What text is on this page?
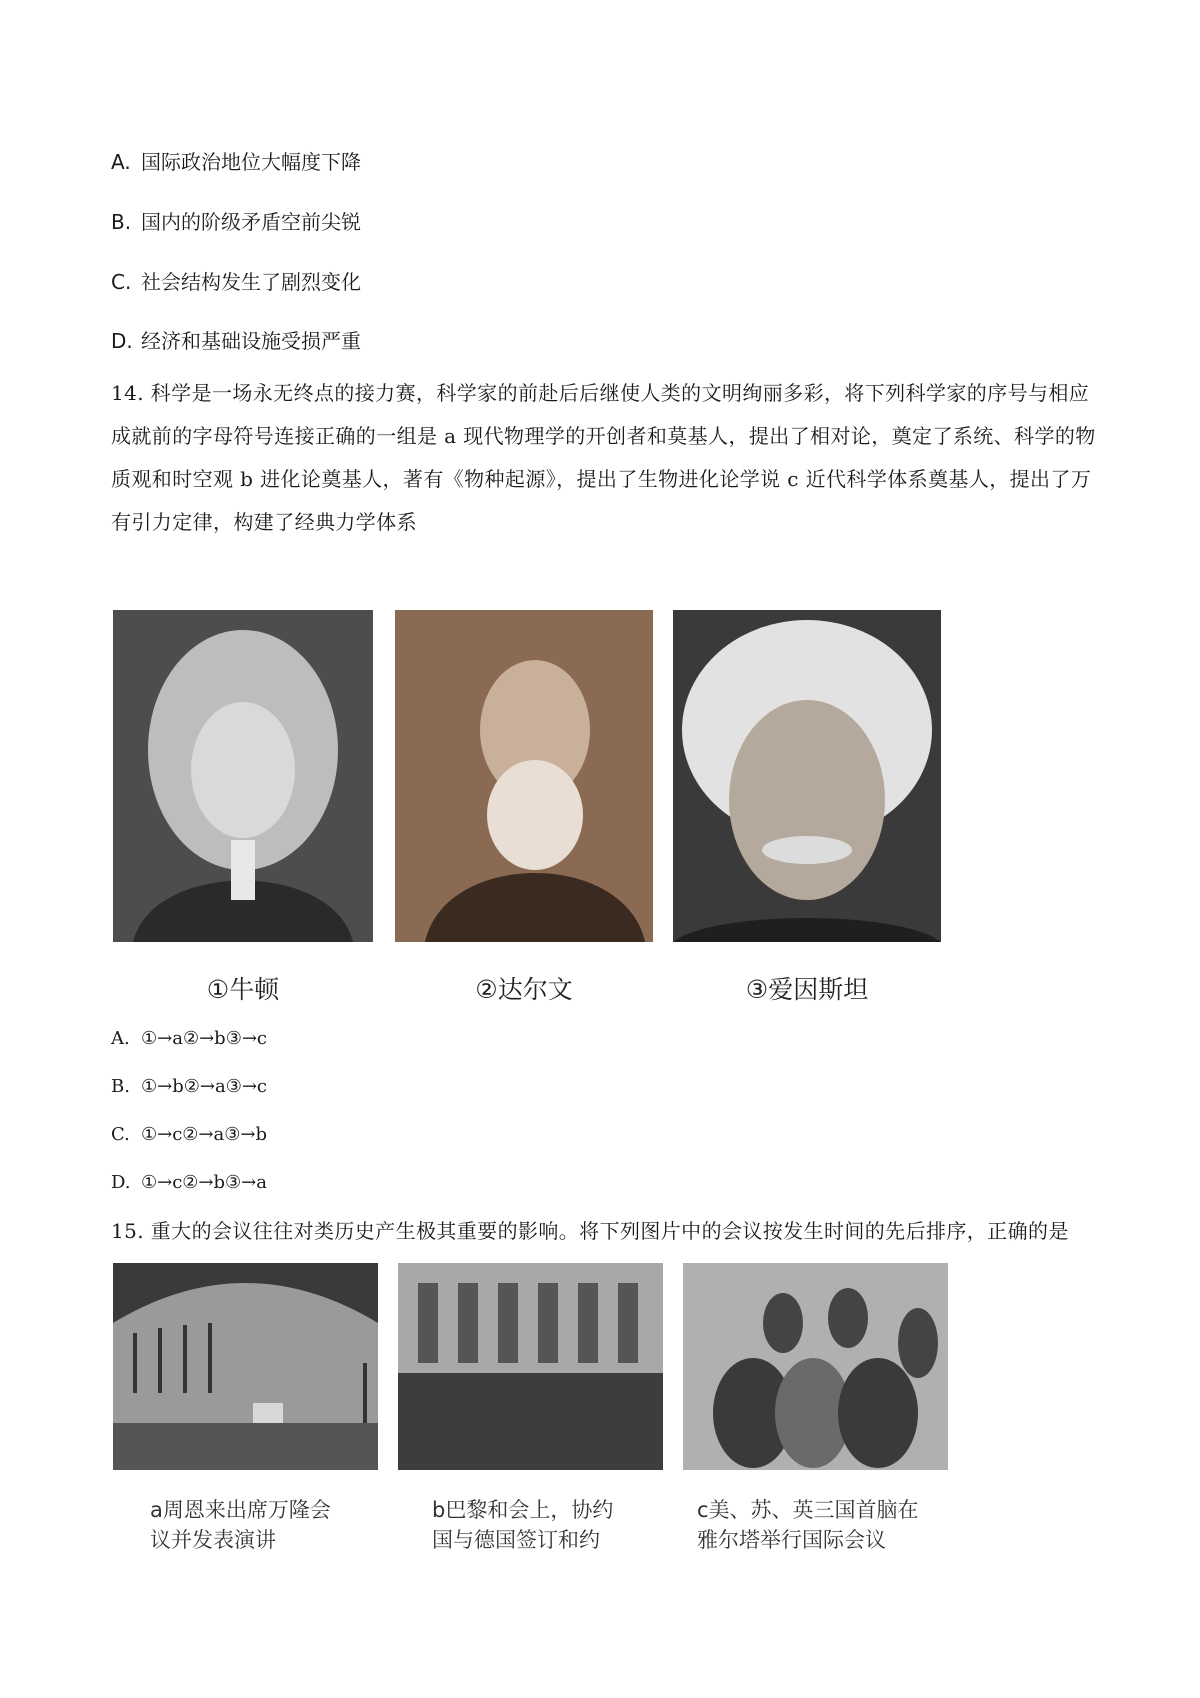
A. 国际政治地位大幅度下降
B. 国内的阶级矛盾空前尖锐
C. 社会结构发生了剧烈变化
D. 经济和基础设施受损严重
14. 科学是一场永无终点的接力赛，科学家的前赴后后继使人类的文明绚丽多彩，将下列科学家的序号与相应成就前的字母符号连接正确的一组是 a 现代物理学的开创者和莫基人，提出了相对论，奠定了系统、科学的物质观和时空观 b 进化论奠基人，著有《物种起源》，提出了生物进化论学说 c 近代科学体系奠基人，提出了万有引力定律，构建了经典力学体系
①牛顿	②达尔文	③爱因斯坦
A. ①→a②→b③→c
B. ①→b②→a③→c
C. ①→c②→a③→b
D. ①→c②→b③→a
15. 重大的会议往往对类历史产生极其重要的影响。将下列图片中的会议按发生时间的先后排序，正确的是
a周恩来出席万隆会
议并发表演讲
b巴黎和会上，协约
国与德国签订和约
c美、苏、英三国首脑在
雅尔塔举行国际会议
